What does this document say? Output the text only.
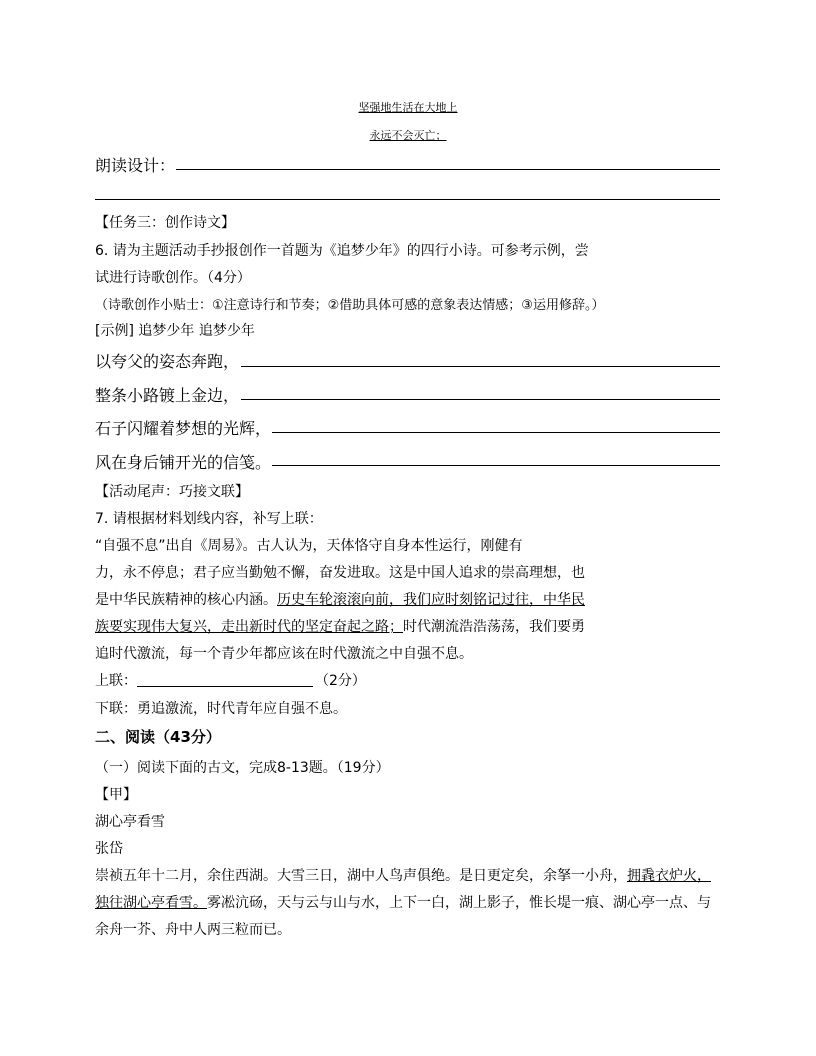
坚强地生活在大地上
永远不会灭亡；
朗读设计：
【任务三：创作诗文】
6. 请为主题活动手抄报创作一首题为《追梦少年》的四行小诗。可参考示例，尝
试进行诗歌创作。（4分）
（诗歌创作小贴士：①注意诗行和节奏；②借助具体可感的意象表达情感；③运用修辞。）
[示例] 追梦少年 追梦少年
以夸父的姿态奔跑，
整条小路镀上金边，
石子闪耀着梦想的光辉，
风在身后铺开光的信笺。
【活动尾声：巧接文联】
7. 请根据材料划线内容，补写上联：
“自强不息”出自《周易》。古人认为，天体恪守自身本性运行，刚健有
力，永不停息；君子应当勤勉不懈，奋发进取。这是中国人追求的崇高理想，也
是中华民族精神的核心内涵。历史车轮滚滚向前，我们应时刻铭记过往，中华民
族要实现伟大复兴，走出新时代的坚定奋起之路；时代潮流浩浩荡荡，我们要勇
追时代激流，每一个青少年都应该在时代激流之中自强不息。
上联：	（2分）
下联：勇追激流，时代青年应自强不息。
二、阅读（43分）
（一）阅读下面的古文，完成8-13题。（19分）
【甲】
湖心亭看雪
张岱
崇祯五年十二月，余住西湖。大雪三日，湖中人鸟声俱绝。是日更定矣，余拏一小舟，拥毳衣炉火，
独往湖心亭看雪。雾凇沆砀，天与云与山与水，上下一白，湖上影子，惟长堤一痕、湖心亭一点、与
余舟一芥、舟中人两三粒而已。
